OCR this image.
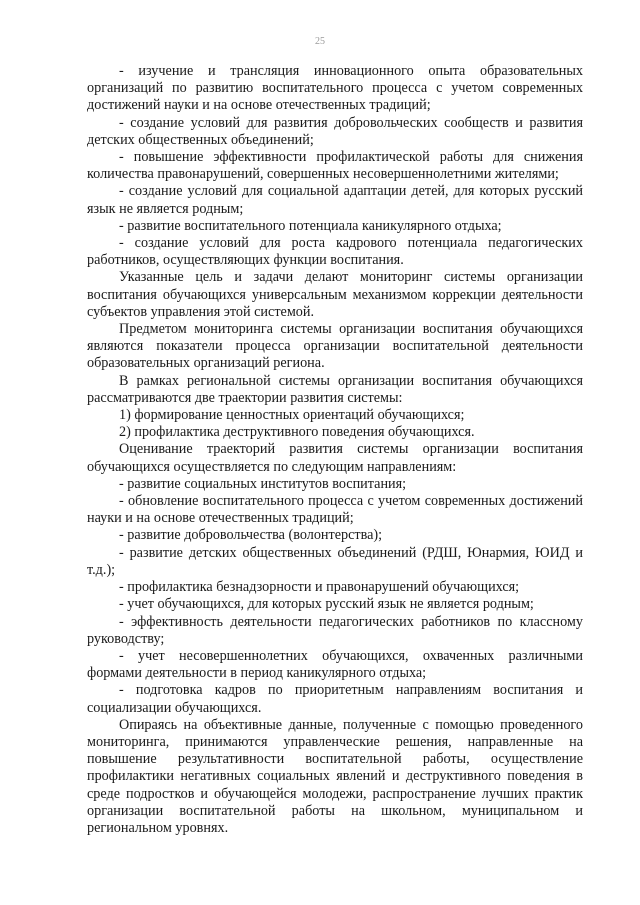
25

- изучение и трансляция инновационного опыта образовательных организаций по развитию воспитательного процесса с учетом современных достижений науки и на основе отечественных традиций;

- создание условий для развития добровольческих сообществ и развития детских общественных объединений;

- повышение эффективности профилактической работы для снижения количества правонарушений, совершенных несовершеннолетними жителями;

- создание условий для социальной адаптации детей, для которых русский язык не является родным;

- развитие воспитательного потенциала каникулярного отдыха;

- создание условий для роста кадрового потенциала педагогических работников, осуществляющих функции воспитания.

Указанные цель и задачи делают мониторинг системы организации воспитания обучающихся универсальным механизмом коррекции деятельности субъектов управления этой системой.

Предметом мониторинга системы организации воспитания обучающихся являются показатели процесса организации воспитательной деятельности образовательных организаций региона.

В рамках региональной системы организации воспитания обучающихся рассматриваются две траектории развития системы:

1) формирование ценностных ориентаций обучающихся;

2) профилактика деструктивного поведения обучающихся.

Оценивание траекторий развития системы организации воспитания обучающихся осуществляется по следующим направлениям:

- развитие социальных институтов воспитания;

- обновление воспитательного процесса с учетом современных достижений науки и на основе отечественных традиций;

- развитие добровольчества (волонтерства);

- развитие детских общественных объединений (РДШ, Юнармия, ЮИД и т.д.);

- профилактика безнадзорности и правонарушений обучающихся;

- учет обучающихся, для которых русский язык не является родным;

- эффективность деятельности педагогических работников по классному руководству;

- учет несовершеннолетних обучающихся, охваченных различными формами деятельности в период каникулярного отдыха;

- подготовка кадров по приоритетным направлениям воспитания и социализации обучающихся.

Опираясь на объективные данные, полученные с помощью проведенного мониторинга, принимаются управленческие решения, направленные на повышение результативности воспитательной работы, осуществление профилактики негативных социальных явлений и деструктивного поведения в среде подростков и обучающейся молодежи, распространение лучших практик организации воспитательной работы на школьном, муниципальном и региональном уровнях.
